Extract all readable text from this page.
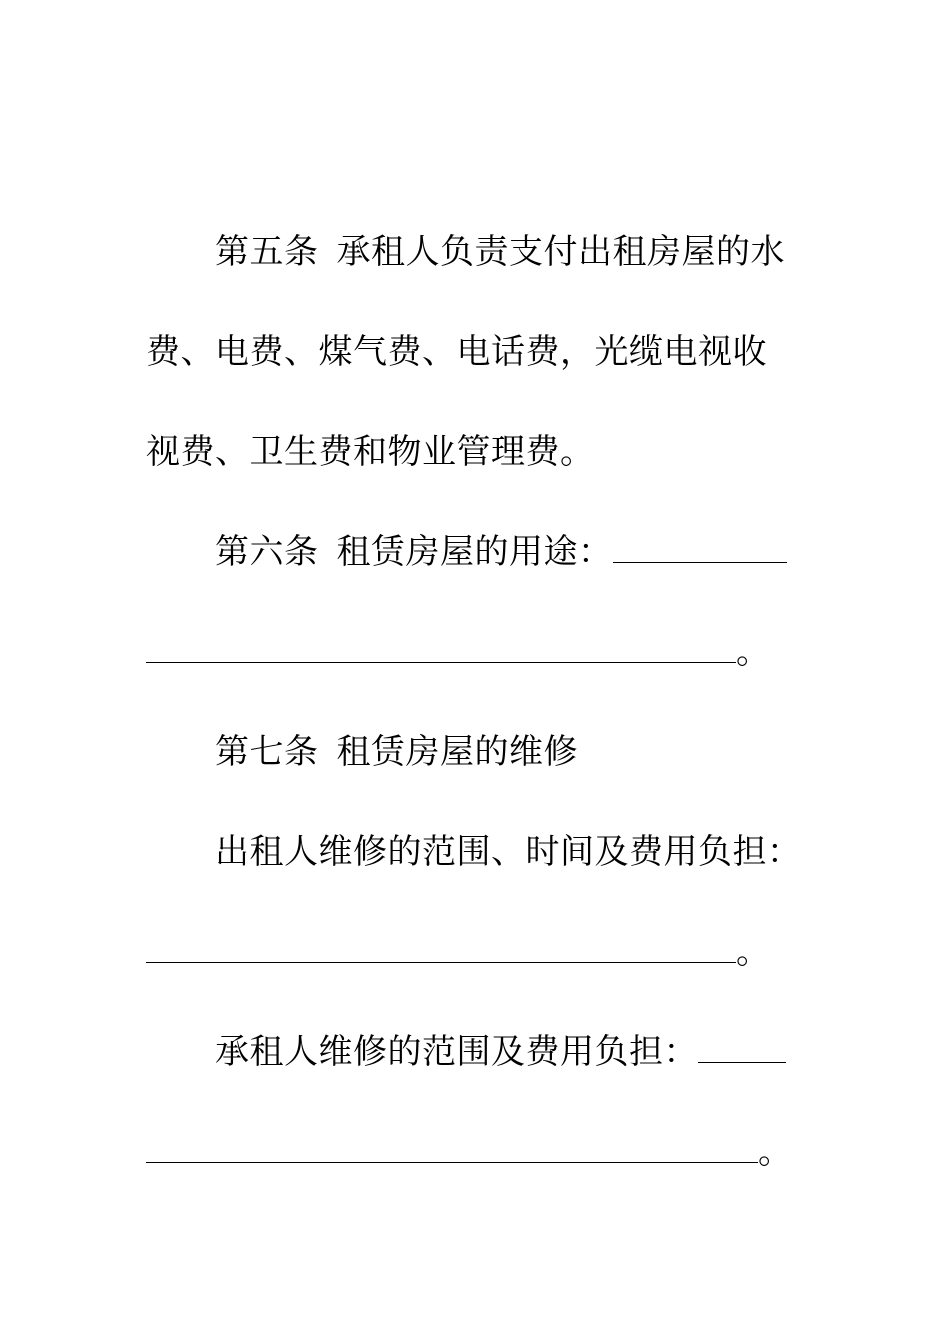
第五条 承租人负责支付出租房屋的水
费、电费、煤气费、电话费，光缆电视收
视费、卫生费和物业管理费。
第六条 租赁房屋的用途：
。
第七条 租赁房屋的维修
出租人维修的范围、时间及费用负担：
。
承租人维修的范围及费用负担：
。
